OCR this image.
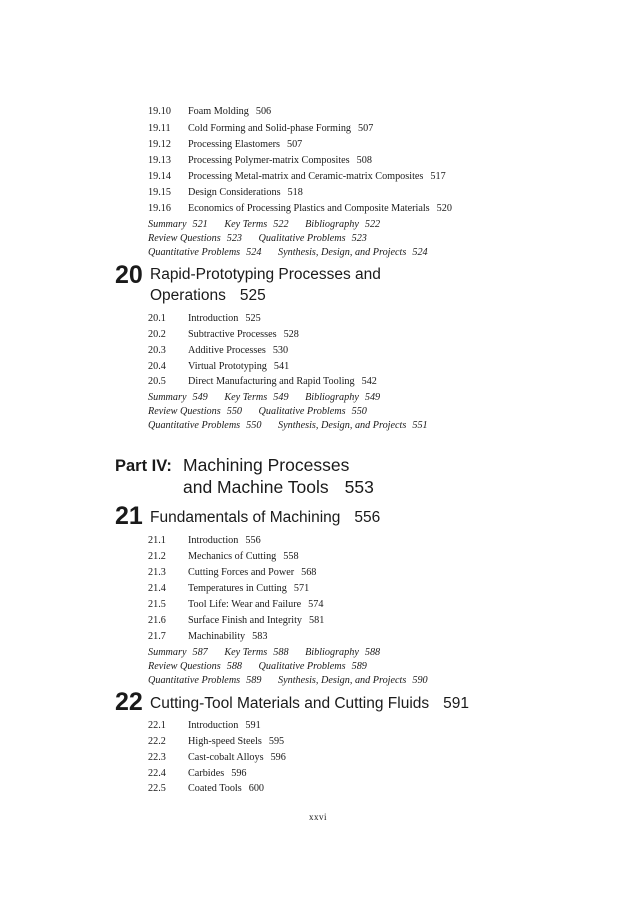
19.10 Foam Molding 506
19.11 Cold Forming and Solid-phase Forming 507
19.12 Processing Elastomers 507
19.13 Processing Polymer-matrix Composites 508
19.14 Processing Metal-matrix and Ceramic-matrix Composites 517
19.15 Design Considerations 518
19.16 Economics of Processing Plastics and Composite Materials 520
Summary 521 Key Terms 522 Bibliography 522
Review Questions 523 Qualitative Problems 523
Quantitative Problems 524 Synthesis, Design, and Projects 524
20 Rapid-Prototyping Processes and
Operations 525
20.1 Introduction 525
20.2 Subtractive Processes 528
20.3 Additive Processes 530
20.4 Virtual Prototyping 541
20.5 Direct Manufacturing and Rapid Tooling 542
Summary 549 Key Terms 549 Bibliography 549
Review Questions 550 Qualitative Problems 550
Quantitative Problems 550 Synthesis, Design, and Projects 551
Part IV: Machining Processes
and Machine Tools 553
21 Fundamentals of Machining 556
21.1 Introduction 556
21.2 Mechanics of Cutting 558
21.3 Cutting Forces and Power 568
21.4 Temperatures in Cutting 571
21.5 Tool Life: Wear and Failure 574
21.6 Surface Finish and Integrity 581
21.7 Machinability 583
Summary 587 Key Terms 588 Bibliography 588
Review Questions 588 Qualitative Problems 589
Quantitative Problems 589 Synthesis, Design, and Projects 590
22 Cutting-Tool Materials and Cutting Fluids 591
22.1 Introduction 591
22.2 High-speed Steels 595
22.3 Cast-cobalt Alloys 596
22.4 Carbides 596
22.5 Coated Tools 600
xxvi
